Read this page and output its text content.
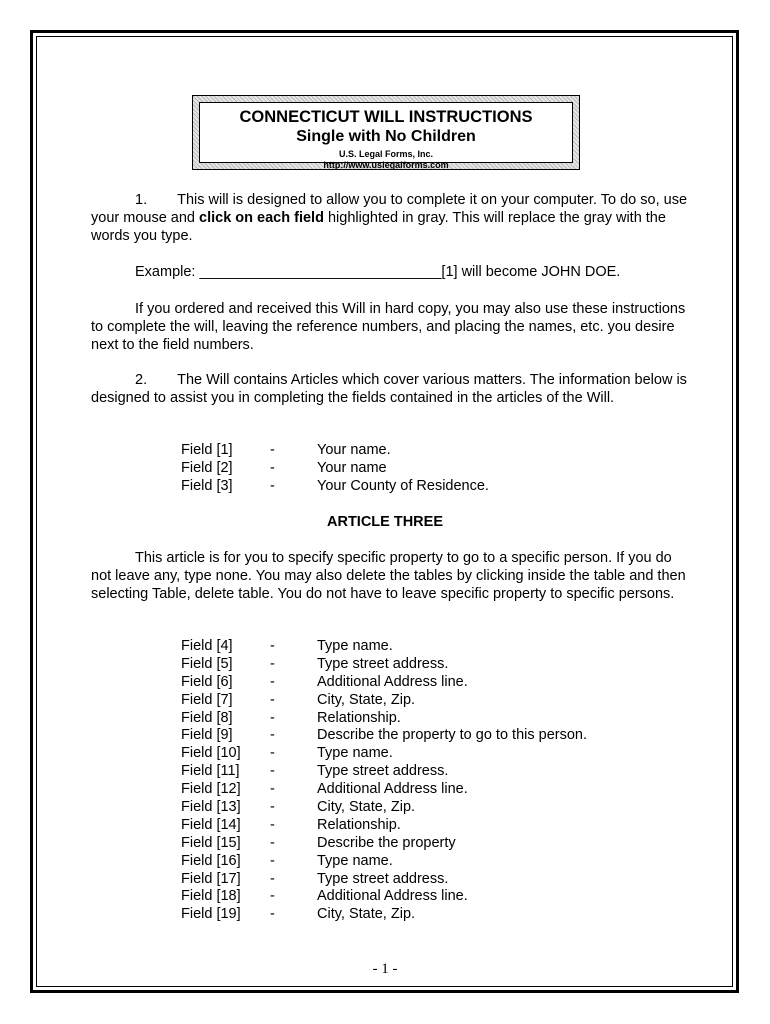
CONNECTICUT WILL INSTRUCTIONS
Single with No Children
U.S. Legal Forms, Inc.
http://www.uslegalforms.com
1. This will is designed to allow you to complete it on your computer. To do so, use your mouse and click on each field highlighted in gray. This will replace the gray with the words you type.
Example: ______________________________[1] will become JOHN DOE.
If you ordered and received this Will in hard copy, you may also use these instructions to complete the will, leaving the reference numbers, and placing the names, etc. you desire next to the field numbers.
2. The Will contains Articles which cover various matters. The information below is designed to assist you in completing the fields contained in the articles of the Will.
Field [1]	-	Your name.
Field [2]	-	Your name
Field [3]	-	Your County of Residence.
ARTICLE THREE
This article is for you to specify specific property to go to a specific person. If you do not leave any, type none. You may also delete the tables by clicking inside the table and then selecting Table, delete table. You do not have to leave specific property to specific persons.
Field [4]	-	Type name.
Field [5]	-	Type street address.
Field [6]	-	Additional Address line.
Field [7]	-	City, State, Zip.
Field [8]	-	Relationship.
Field [9]	-	Describe the property to go to this person.
Field [10] -	Type name.
Field [11] -	Type street address.
Field [12] -	Additional Address line.
Field [13] -	City, State, Zip.
Field [14] -	Relationship.
Field [15] -	Describe the property
Field [16] -	Type name.
Field [17] -	Type street address.
Field [18] -	Additional Address line.
Field [19] -	City, State, Zip.
- 1 -
